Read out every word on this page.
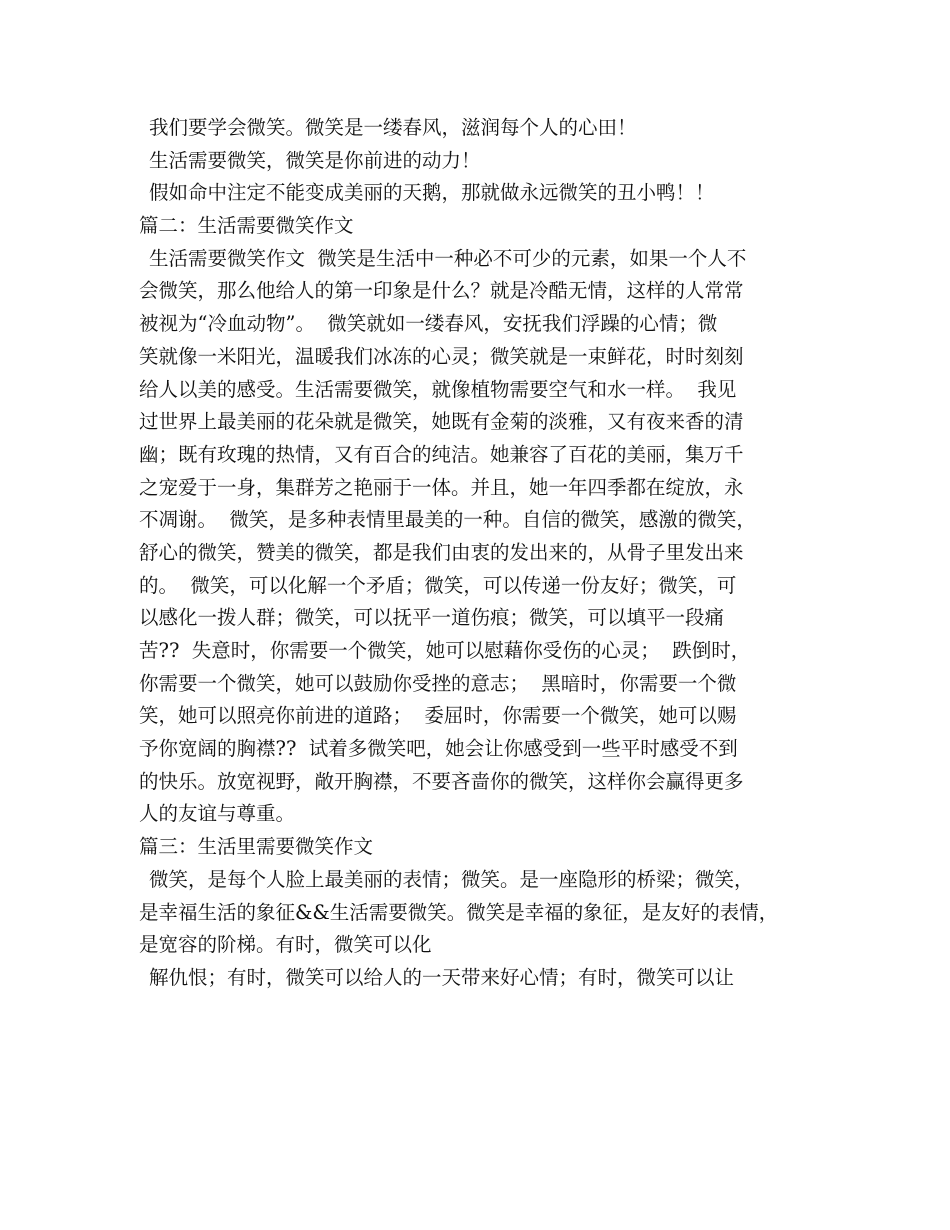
我们要学会微笑。微笑是一缕春风，滋润每个人的心田！
生活需要微笑，微笑是你前进的动力！
假如命中注定不能变成美丽的天鹅，那就做永远微笑的丑小鸭！！
篇二：生活需要微笑作文
生活需要微笑作文  微笑是生活中一种必不可少的元素，如果一个人不
会微笑，那么他给人的第一印象是什么？就是冷酷无情，这样的人常常
被视为“冷血动物”。  微笑就如一缕春风，安抚我们浮躁的心情；微
笑就像一米阳光，温暖我们冰冻的心灵；微笑就是一束鲜花，时时刻刻
给人以美的感受。生活需要微笑，就像植物需要空气和水一样。  我见
过世界上最美丽的花朵就是微笑，她既有金菊的淡雅，又有夜来香的清
幽；既有玫瑰的热情，又有百合的纯洁。她兼容了百花的美丽，集万千
之宠爱于一身，集群芳之艳丽于一体。并且，她一年四季都在绽放，永
不凋谢。  微笑，是多种表情里最美的一种。自信的微笑，感激的微笑，
舒心的微笑，赞美的微笑，都是我们由衷的发出来的，从骨子里发出来
的。  微笑，可以化解一个矛盾；微笑，可以传递一份友好；微笑，可
以感化一拨人群；微笑，可以抚平一道伤痕；微笑，可以填平一段痛
苦??  失意时，你需要一个微笑，她可以慰藉你受伤的心灵；  跌倒时，
你需要一个微笑，她可以鼓励你受挫的意志；  黑暗时，你需要一个微
笑，她可以照亮你前进的道路；  委屈时，你需要一个微笑，她可以赐
予你宽阔的胸襟??  试着多微笑吧，她会让你感受到一些平时感受不到
的快乐。放宽视野，敞开胸襟，不要吝啬你的微笑，这样你会赢得更多
人的友谊与尊重。
篇三：生活里需要微笑作文
微笑，是每个人脸上最美丽的表情；微笑。是一座隐形的桥梁；微笑，
是幸福生活的象征&&生活需要微笑。微笑是幸福的象征，是友好的表情，
是宽容的阶梯。有时，微笑可以化
解仇恨；有时，微笑可以给人的一天带来好心情；有时，微笑可以让
